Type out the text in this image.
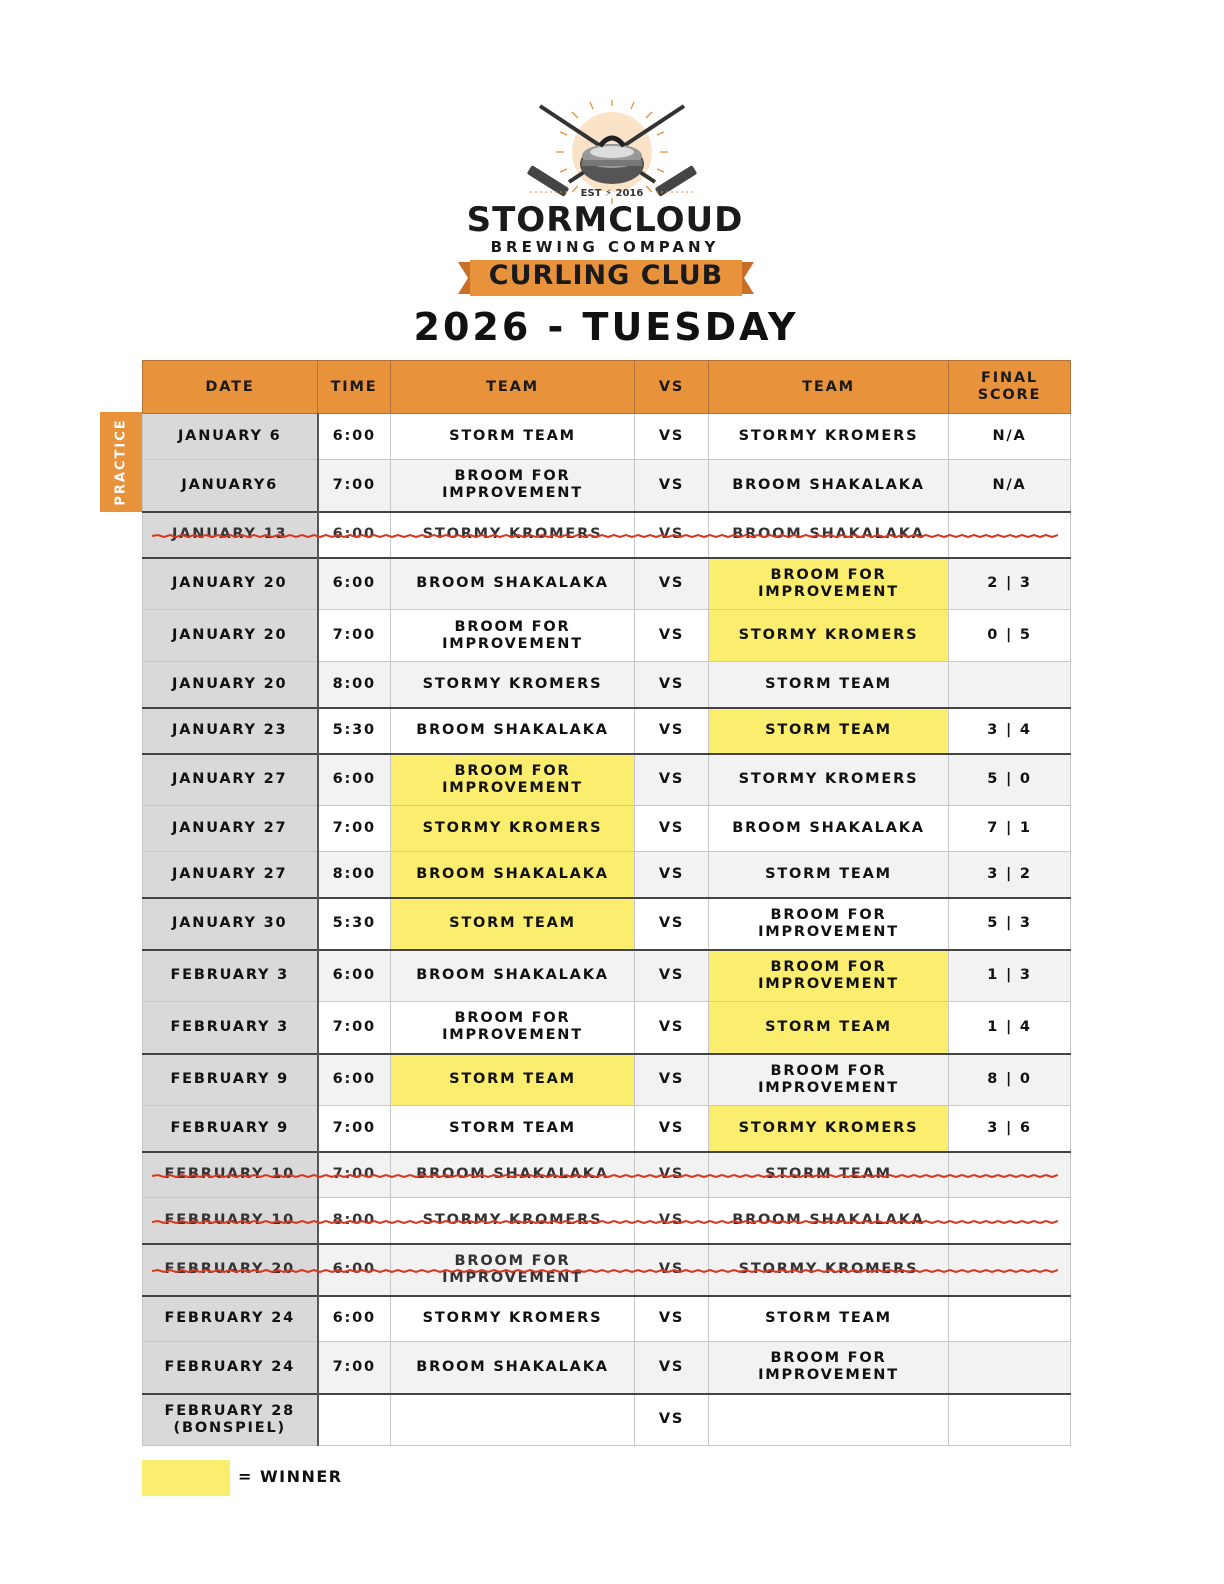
EST ⚡ 2016
STORMCLOUD
BREWING COMPANY
CURLING CLUB
2026 - TUESDAY
PRACTICE
DATE	TIME	TEAM	VS	TEAM	FINAL SCORE
JANUARY 6	6:00	STORM TEAM	VS	STORMY KROMERS	N/A
JANUARY6	7:00	BROOM FOR IMPROVEMENT	VS	BROOM SHAKALAKA	N/A
JANUARY 13	6:00	STORMY KROMERS	VS	BROOM SHAKALAKA	
JANUARY 20	6:00	BROOM SHAKALAKA	VS	BROOM FOR IMPROVEMENT	2 | 3
JANUARY 20	7:00	BROOM FOR IMPROVEMENT	VS	STORMY KROMERS	0 | 5
JANUARY 20	8:00	STORMY KROMERS	VS	STORM TEAM	
JANUARY 23	5:30	BROOM SHAKALAKA	VS	STORM TEAM	3 | 4
JANUARY 27	6:00	BROOM FOR IMPROVEMENT	VS	STORMY KROMERS	5 | 0
JANUARY 27	7:00	STORMY KROMERS	VS	BROOM SHAKALAKA	7 | 1
JANUARY 27	8:00	BROOM SHAKALAKA	VS	STORM TEAM	3 | 2
JANUARY 30	5:30	STORM TEAM	VS	BROOM FOR IMPROVEMENT	5 | 3
FEBRUARY 3	6:00	BROOM SHAKALAKA	VS	BROOM FOR IMPROVEMENT	1 | 3
FEBRUARY 3	7:00	BROOM FOR IMPROVEMENT	VS	STORM TEAM	1 | 4
FEBRUARY 9	6:00	STORM TEAM	VS	BROOM FOR IMPROVEMENT	8 | 0
FEBRUARY 9	7:00	STORM TEAM	VS	STORMY KROMERS	3 | 6
FEBRUARY 10	7:00	BROOM SHAKALAKA	VS	STORM TEAM	
FEBRUARY 10	8:00	STORMY KROMERS	VS	BROOM SHAKALAKA	
FEBRUARY 20	6:00	BROOM FOR IMPROVEMENT	VS	STORMY KROMERS	
FEBRUARY 24	6:00	STORMY KROMERS	VS	STORM TEAM	
FEBRUARY 24	7:00	BROOM SHAKALAKA	VS	BROOM FOR IMPROVEMENT	
FEBRUARY 28 (BONSPIEL)			VS		
= WINNER
